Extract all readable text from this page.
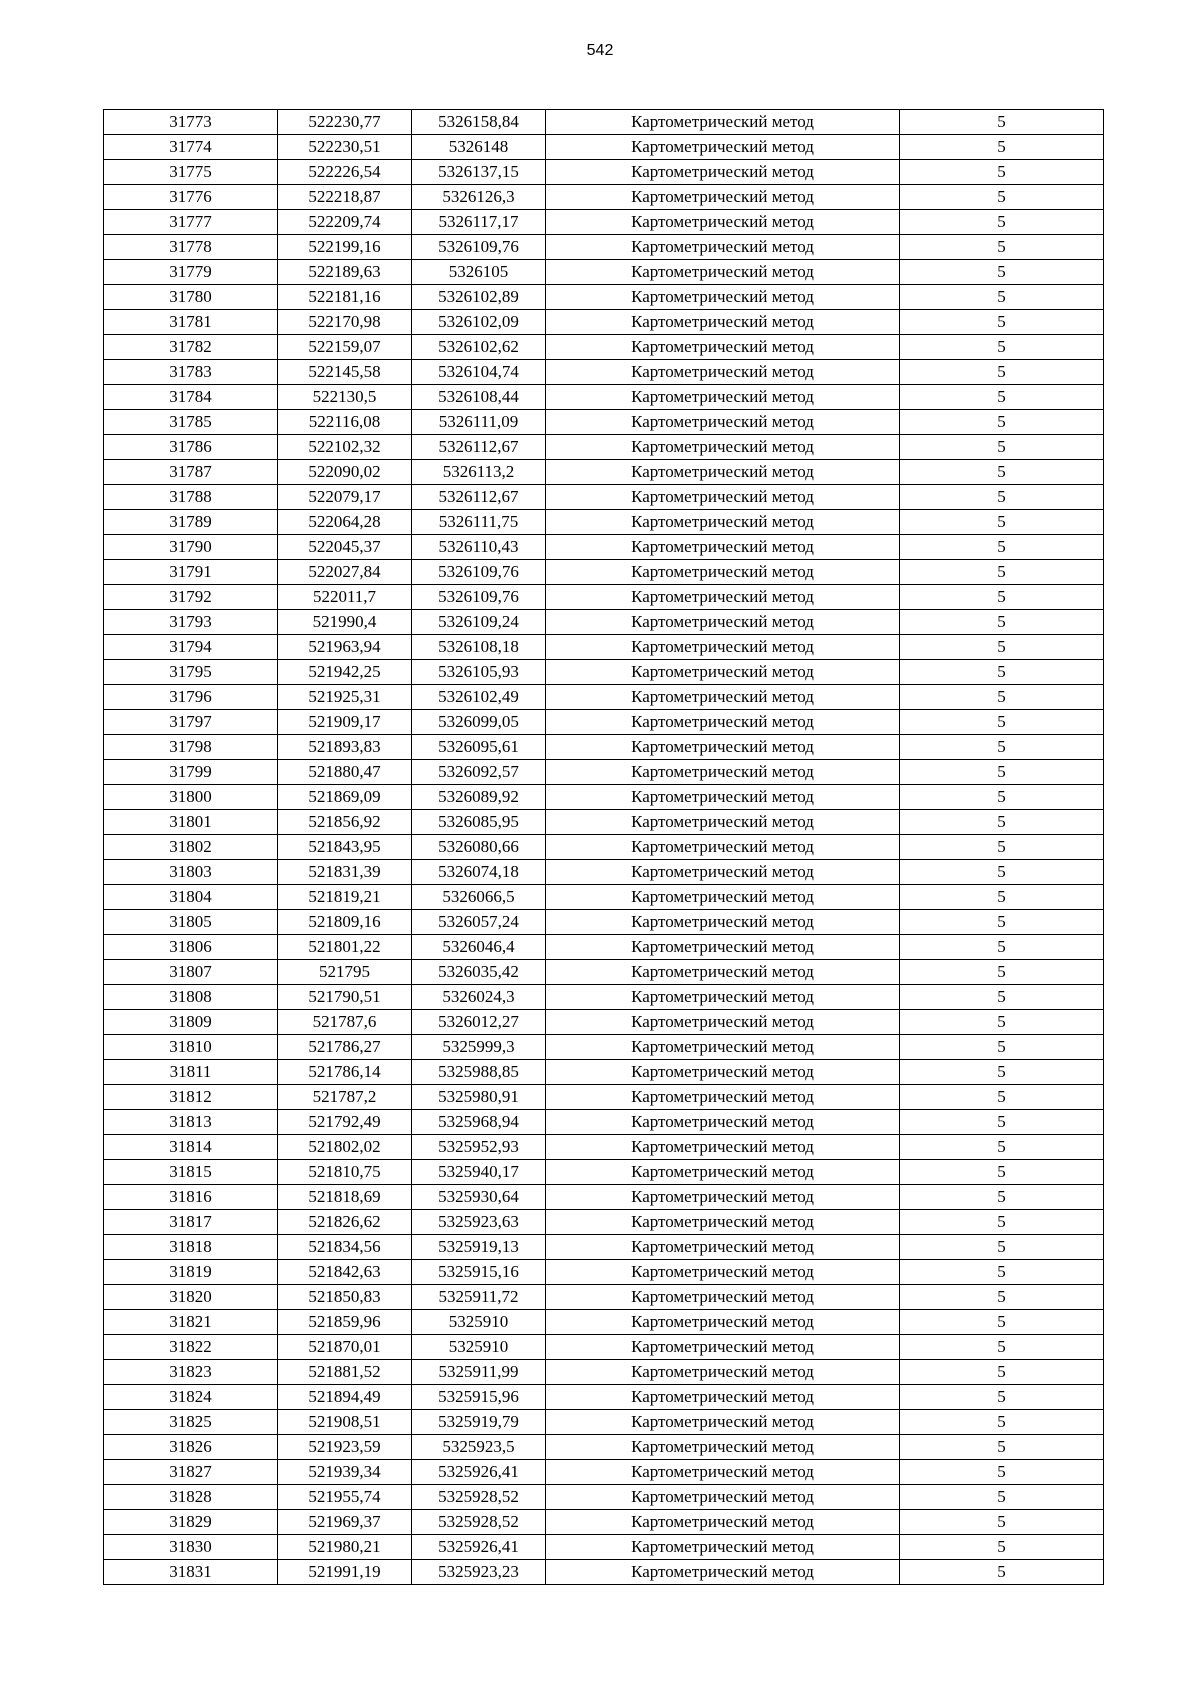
542
31773	522230,77	5326158,84	Картометрический метод	5
31774	522230,51	5326148	Картометрический метод	5
31775	522226,54	5326137,15	Картометрический метод	5
31776	522218,87	5326126,3	Картометрический метод	5
31777	522209,74	5326117,17	Картометрический метод	5
31778	522199,16	5326109,76	Картометрический метод	5
31779	522189,63	5326105	Картометрический метод	5
31780	522181,16	5326102,89	Картометрический метод	5
31781	522170,98	5326102,09	Картометрический метод	5
31782	522159,07	5326102,62	Картометрический метод	5
31783	522145,58	5326104,74	Картометрический метод	5
31784	522130,5	5326108,44	Картометрический метод	5
31785	522116,08	5326111,09	Картометрический метод	5
31786	522102,32	5326112,67	Картометрический метод	5
31787	522090,02	5326113,2	Картометрический метод	5
31788	522079,17	5326112,67	Картометрический метод	5
31789	522064,28	5326111,75	Картометрический метод	5
31790	522045,37	5326110,43	Картометрический метод	5
31791	522027,84	5326109,76	Картометрический метод	5
31792	522011,7	5326109,76	Картометрический метод	5
31793	521990,4	5326109,24	Картометрический метод	5
31794	521963,94	5326108,18	Картометрический метод	5
31795	521942,25	5326105,93	Картометрический метод	5
31796	521925,31	5326102,49	Картометрический метод	5
31797	521909,17	5326099,05	Картометрический метод	5
31798	521893,83	5326095,61	Картометрический метод	5
31799	521880,47	5326092,57	Картометрический метод	5
31800	521869,09	5326089,92	Картометрический метод	5
31801	521856,92	5326085,95	Картометрический метод	5
31802	521843,95	5326080,66	Картометрический метод	5
31803	521831,39	5326074,18	Картометрический метод	5
31804	521819,21	5326066,5	Картометрический метод	5
31805	521809,16	5326057,24	Картометрический метод	5
31806	521801,22	5326046,4	Картометрический метод	5
31807	521795	5326035,42	Картометрический метод	5
31808	521790,51	5326024,3	Картометрический метод	5
31809	521787,6	5326012,27	Картометрический метод	5
31810	521786,27	5325999,3	Картометрический метод	5
31811	521786,14	5325988,85	Картометрический метод	5
31812	521787,2	5325980,91	Картометрический метод	5
31813	521792,49	5325968,94	Картометрический метод	5
31814	521802,02	5325952,93	Картометрический метод	5
31815	521810,75	5325940,17	Картометрический метод	5
31816	521818,69	5325930,64	Картометрический метод	5
31817	521826,62	5325923,63	Картометрический метод	5
31818	521834,56	5325919,13	Картометрический метод	5
31819	521842,63	5325915,16	Картометрический метод	5
31820	521850,83	5325911,72	Картометрический метод	5
31821	521859,96	5325910	Картометрический метод	5
31822	521870,01	5325910	Картометрический метод	5
31823	521881,52	5325911,99	Картометрический метод	5
31824	521894,49	5325915,96	Картометрический метод	5
31825	521908,51	5325919,79	Картометрический метод	5
31826	521923,59	5325923,5	Картометрический метод	5
31827	521939,34	5325926,41	Картометрический метод	5
31828	521955,74	5325928,52	Картометрический метод	5
31829	521969,37	5325928,52	Картометрический метод	5
31830	521980,21	5325926,41	Картометрический метод	5
31831	521991,19	5325923,23	Картометрический метод	5
